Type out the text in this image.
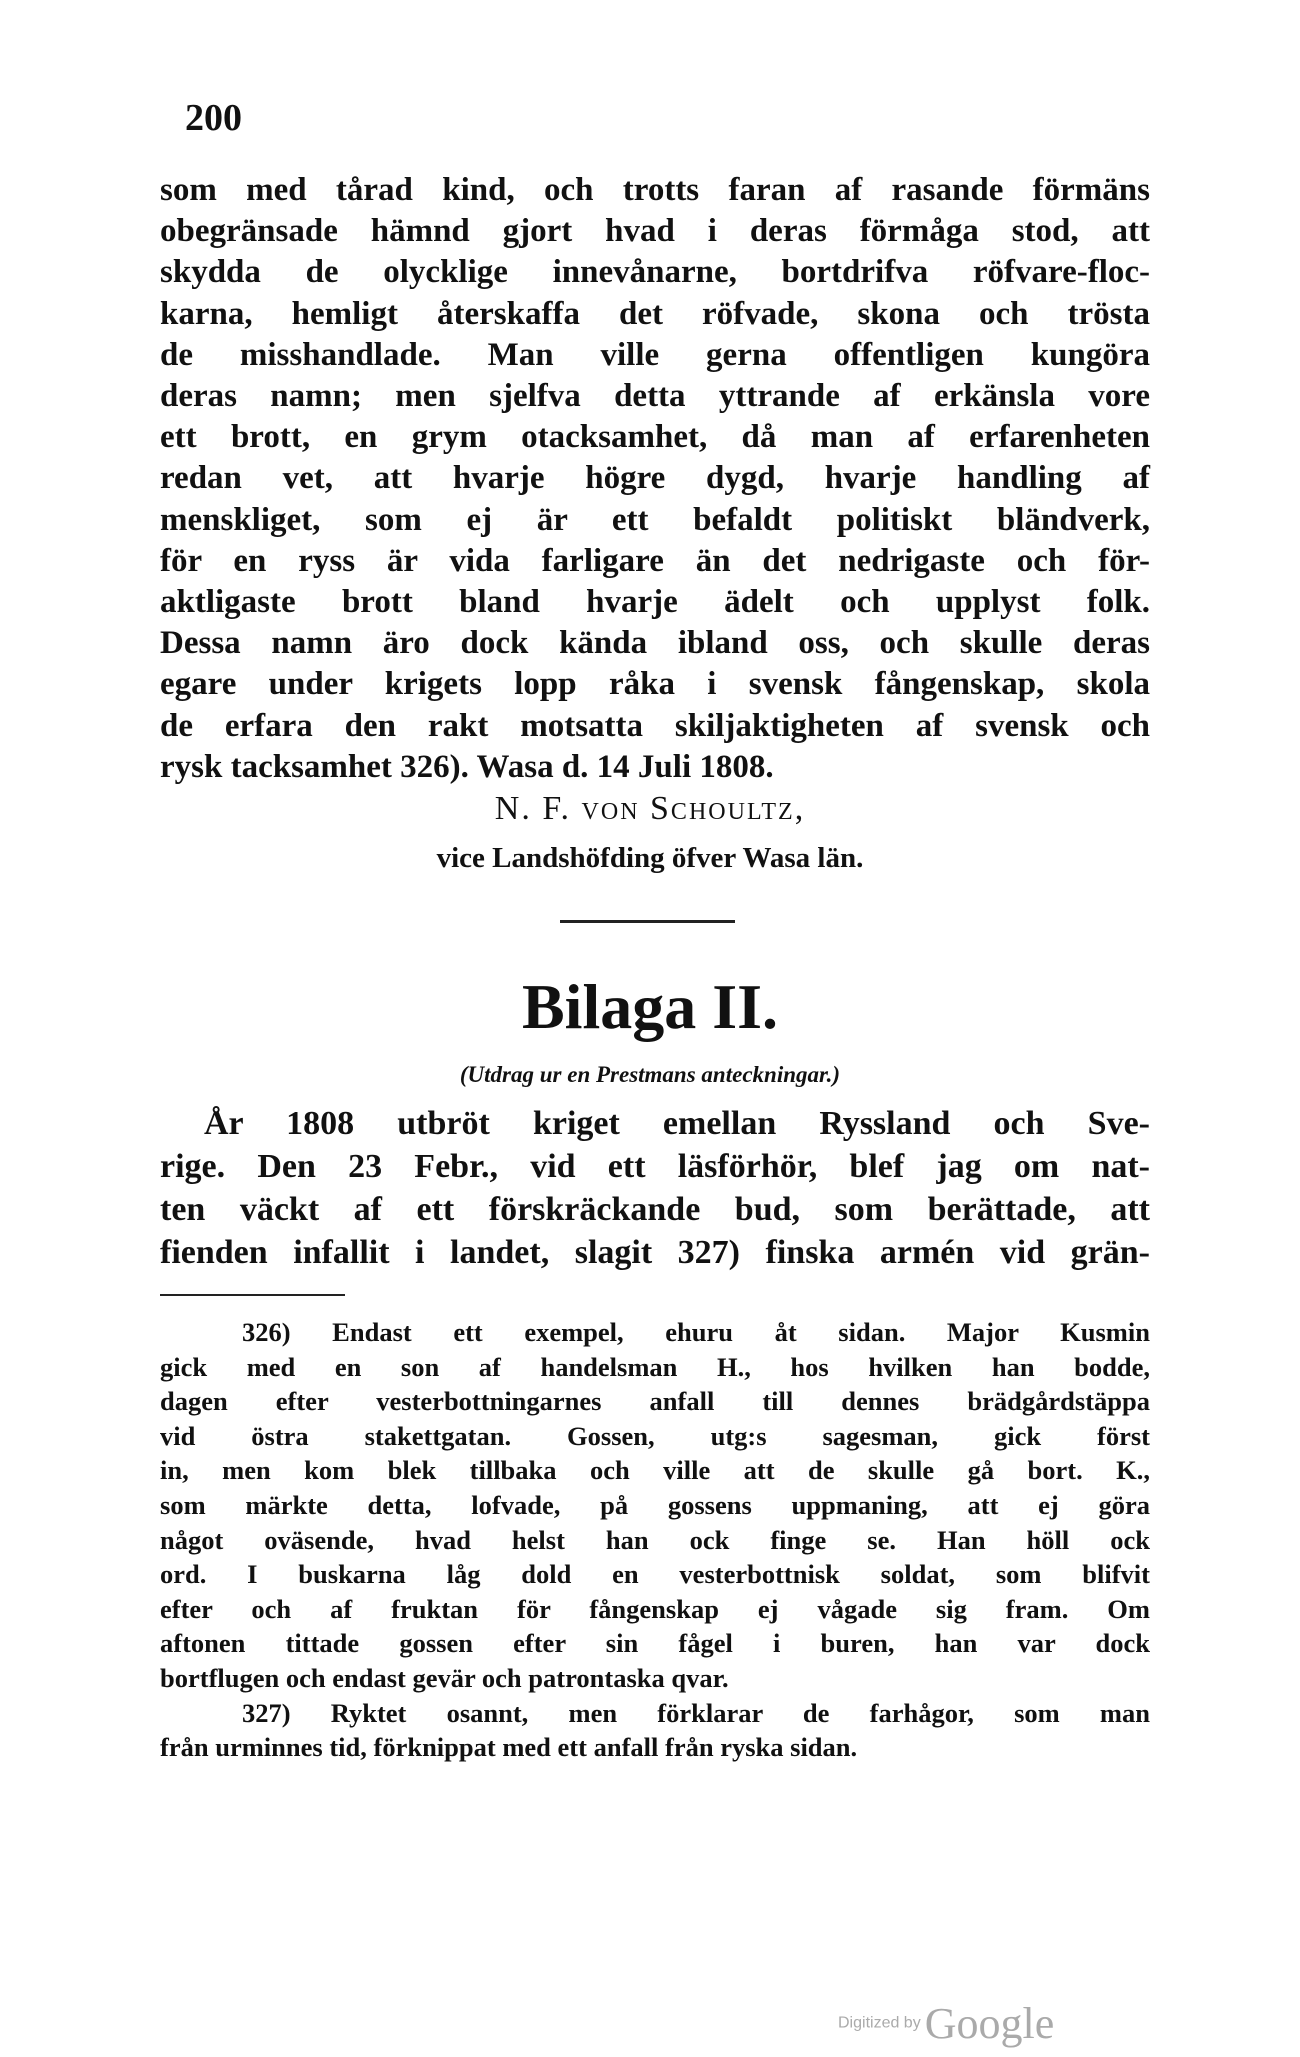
200
som med tårad kind, och trotts faran af rasande förmäns
obegränsade hämnd gjort hvad i deras förmåga stod, att
skydda de olycklige innevånarne, bortdrifva röfvare-floc-
karna, hemligt återskaffa det röfvade, skona och trösta
de misshandlade. Man ville gerna offentligen kungöra
deras namn; men sjelfva detta yttrande af erkänsla vore
ett brott, en grym otacksamhet, då man af erfarenheten
redan vet, att hvarje högre dygd, hvarje handling af
menskliget, som ej är ett befaldt politiskt bländverk,
för en ryss är vida farligare än det nedrigaste och för-
aktligaste brott bland hvarje ädelt och upplyst folk.
Dessa namn äro dock kända ibland oss, och skulle deras
egare under krigets lopp råka i svensk fångenskap, skola
de erfara den rakt motsatta skiljaktigheten af svensk och
rysk tacksamhet 326). Wasa d. 14 Juli 1808.
N. F. von Schoultz,
vice Landshöfding öfver Wasa län.
Bilaga II.
(Utdrag ur en Prestmans anteckningar.)
År 1808 utbröt kriget emellan Ryssland och Sve-
rige. Den 23 Febr., vid ett läsförhör, blef jag om nat-
ten väckt af ett förskräckande bud, som berättade, att
fienden infallit i landet, slagit 327) finska armén vid grän-
326) Endast ett exempel, ehuru åt sidan. Major Kusmin
gick med en son af handelsman H., hos hvilken han bodde,
dagen efter vesterbottningarnes anfall till dennes brädgårdstäppa
vid östra stakettgatan. Gossen, utg:s sagesman, gick först
in, men kom blek tillbaka och ville att de skulle gå bort. K.,
som märkte detta, lofvade, på gossens uppmaning, att ej göra
något oväsende, hvad helst han ock finge se. Han höll ock
ord. I buskarna låg dold en vesterbottnisk soldat, som blifvit
efter och af fruktan för fångenskap ej vågade sig fram. Om
aftonen tittade gossen efter sin fågel i buren, han var dock
bortflugen och endast gevär och patrontaska qvar.
327) Ryktet osannt, men förklarar de farhågor, som man
från urminnes tid, förknippat med ett anfall från ryska sidan.
Digitized by Google
